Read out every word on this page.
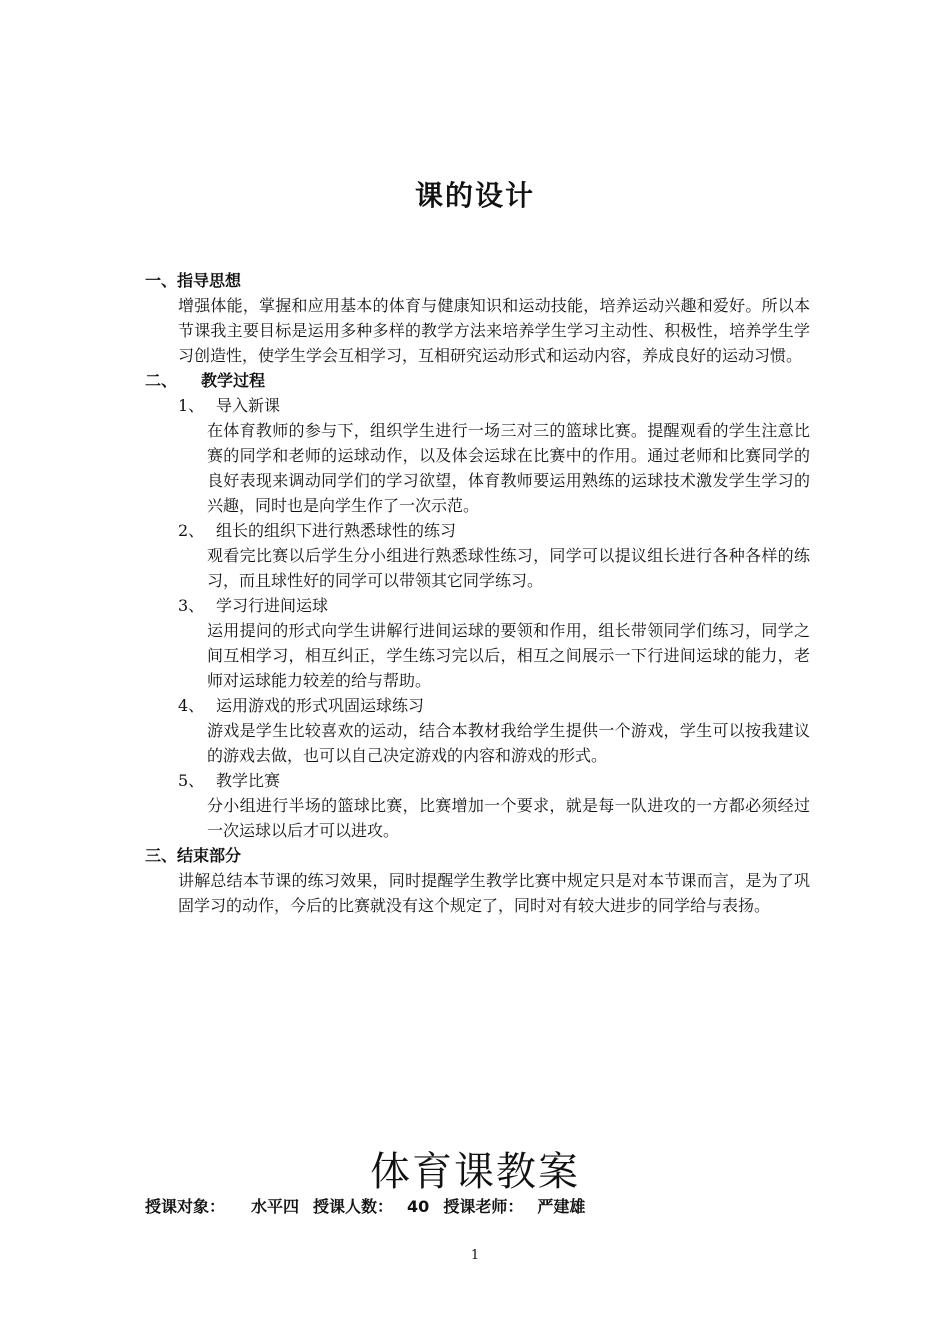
课的设计
一、指导思想
增强体能，掌握和应用基本的体育与健康知识和运动技能，培养运动兴趣和爱好。所以本节课我主要目标是运用多种多样的教学方法来培养学生学习主动性、积极性，培养学生学习创造性，使学生学会互相学习，互相研究运动形式和运动内容，养成良好的运动习惯。
二、 教学过程
1、 导入新课
在体育教师的参与下，组织学生进行一场三对三的篮球比赛。提醒观看的学生注意比赛的同学和老师的运球动作，以及体会运球在比赛中的作用。通过老师和比赛同学的良好表现来调动同学们的学习欲望，体育教师要运用熟练的运球技术激发学生学习的兴趣，同时也是向学生作了一次示范。
2、 组长的组织下进行熟悉球性的练习
观看完比赛以后学生分小组进行熟悉球性练习，同学可以提议组长进行各种各样的练习，而且球性好的同学可以带领其它同学练习。
3、 学习行进间运球
运用提问的形式向学生讲解行进间运球的要领和作用，组长带领同学们练习，同学之间互相学习，相互纠正，学生练习完以后，相互之间展示一下行进间运球的能力，老师对运球能力较差的给与帮助。
4、 运用游戏的形式巩固运球练习
游戏是学生比较喜欢的运动，结合本教材我给学生提供一个游戏，学生可以按我建议的游戏去做，也可以自己决定游戏的内容和游戏的形式。
5、 教学比赛
分小组进行半场的篮球比赛，比赛增加一个要求，就是每一队进攻的一方都必须经过一次运球以后才可以进攻。
三、结束部分
讲解总结本节课的练习效果，同时提醒学生教学比赛中规定只是对本节课而言，是为了巩固学习的动作，今后的比赛就没有这个规定了，同时对有较大进步的同学给与表扬。
体育课教案
授课对象： 水平四 授课人数： 40 授课老师： 严建雄
1
